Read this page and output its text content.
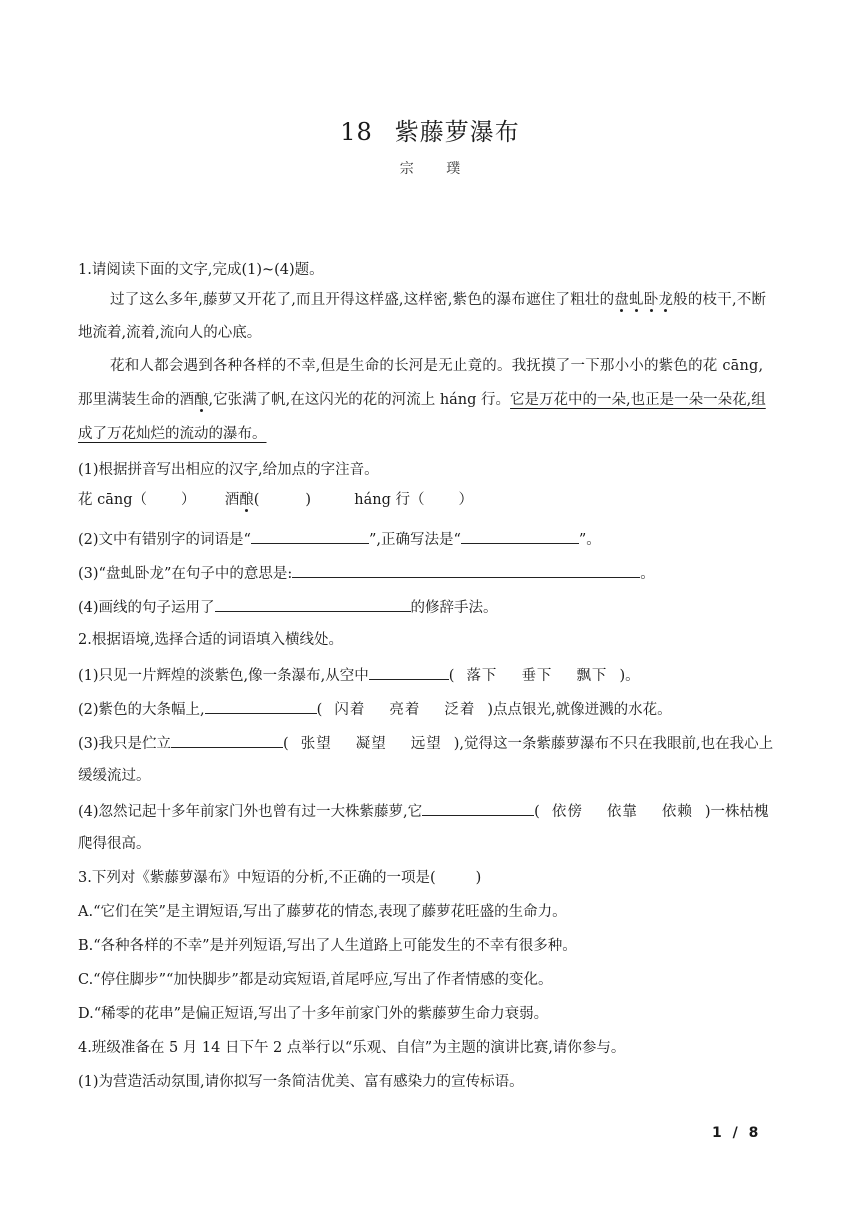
18 紫藤萝瀑布
宗 璞
1.请阅读下面的文字,完成(1)~(4)题。
过了这么多年,藤萝又开花了,而且开得这样盛,这样密,紫色的瀑布遮住了粗壮的盘虬卧龙般的枝干,不断
地流着,流着,流向人的心底。
花和人都会遇到各种各样的不幸,但是生命的长河是无止竟的。我抚摸了一下那小小的紫色的花 cāng,
那里满装生命的酒酿,它张满了帆,在这闪光的花的河流上 háng 行。它是万花中的一朵,也正是一朵一朵花,组
成了万花灿烂的流动的瀑布。
(1)根据拼音写出相应的汉字,给加点的字注音。
花 cāng（ ） 酒酿(	)	háng 行（ ）
(2)文中有错别字的词语是“	”,正确写法是“	”。
(3)“盘虬卧龙”在句子中的意思是:	。
(4)画线的句子运用了	的修辞手法。
2.根据语境,选择合适的词语填入横线处。
(1)只见一片辉煌的淡紫色,像一条瀑布,从空中	( 落下 垂下 飘下 )。
(2)紫色的大条幅上,	( 闪着 亮着 泛着 )点点银光,就像迸溅的水花。
(3)我只是伫立	( 张望 凝望 远望 ),觉得这一条紫藤萝瀑布不只在我眼前,也在我心上
缓缓流过。
(4)忽然记起十多年前家门外也曾有过一大株紫藤萝,它	( 依傍 依靠 依赖 )一株枯槐
爬得很高。
3.下列对《紫藤萝瀑布》中短语的分析,不正确的一项是(	)
A.“它们在笑”是主谓短语,写出了藤萝花的情态,表现了藤萝花旺盛的生命力。
B.“各种各样的不幸”是并列短语,写出了人生道路上可能发生的不幸有很多种。
C.“停住脚步”“加快脚步”都是动宾短语,首尾呼应,写出了作者情感的变化。
D.“稀零的花串”是偏正短语,写出了十多年前家门外的紫藤萝生命力衰弱。
4.班级准备在 5 月 14 日下午 2 点举行以“乐观、自信”为主题的演讲比赛,请你参与。
(1)为营造活动氛围,请你拟写一条简洁优美、富有感染力的宣传标语。
1 / 8
